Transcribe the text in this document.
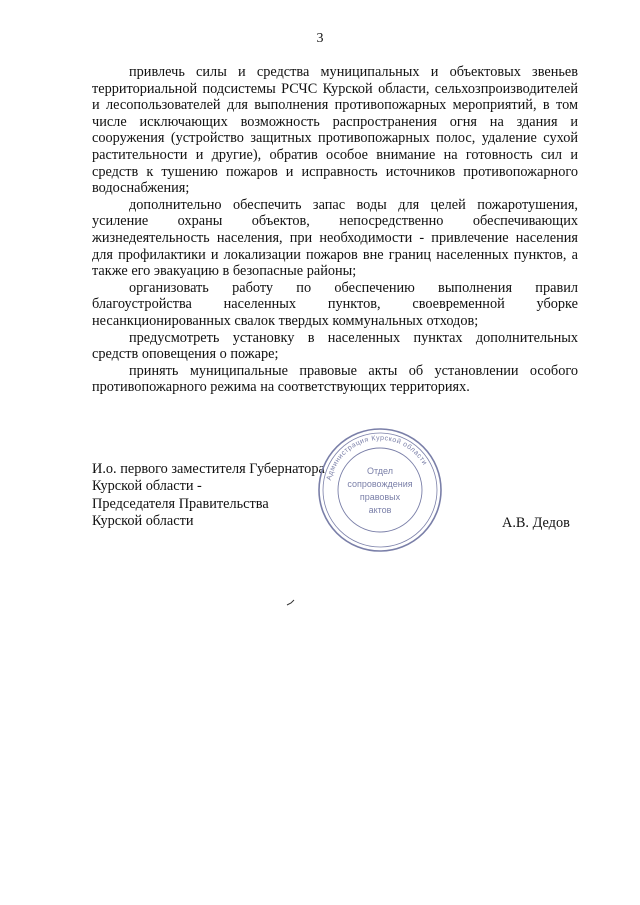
3

привлечь силы и средства муниципальных и объектовых звеньев территориальной подсистемы РСЧС Курской области, сельхозпроизводителей и лесопользователей для выполнения противопожарных мероприятий, в том числе исключающих возможность распространения огня на здания и сооружения (устройство защитных противопожарных полос, удаление сухой растительности и другие), обратив особое внимание на готовность сил и средств к тушению пожаров и исправность источников противопожарного водоснабжения;

дополнительно обеспечить запас воды для целей пожаротушения, усиление охраны объектов, непосредственно обеспечивающих жизнедеятельность населения, при необходимости - привлечение населения для профилактики и локализации пожаров вне границ населенных пунктов, а также его эвакуацию в безопасные районы;

организовать работу по обеспечению выполнения правил благоустройства населенных пунктов, своевременной уборке несанкционированных свалок твердых коммунальных отходов;

предусмотреть установку в населенных пунктах дополнительных средств оповещения о пожаре;

принять муниципальные правовые акты об установлении особого противопожарного режима на соответствующих территориях.

И.о. первого заместителя Губернатора
Курской области -
Председателя Правительства
Курской области	А.В. Дедов
Администрация Курской области
Отдел
сопровождения
правовых
актов
